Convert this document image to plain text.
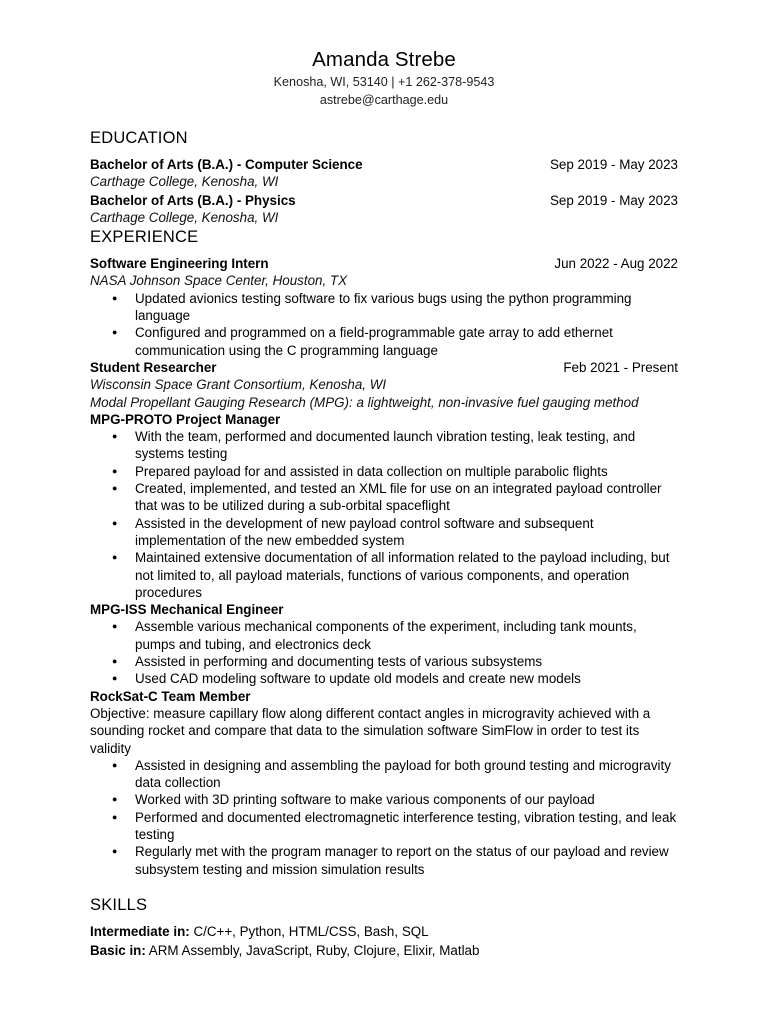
Amanda Strebe
Kenosha, WI, 53140 | +1 262-378-9543
astrebe@carthage.edu
EDUCATION
Bachelor of Arts (B.A.) - Computer Science	Sep 2019 - May 2023
Carthage College, Kenosha, WI
Bachelor of Arts (B.A.) - Physics	Sep 2019 - May 2023
Carthage College, Kenosha, WI
EXPERIENCE
Software Engineering Intern	Jun 2022 - Aug 2022
NASA Johnson Space Center, Houston, TX
● Updated avionics testing software to fix various bugs using the python programming language
● Configured and programmed on a field-programmable gate array to add ethernet communication using the C programming language
Student Researcher	Feb 2021 - Present
Wisconsin Space Grant Consortium, Kenosha, WI
Modal Propellant Gauging Research (MPG): a lightweight, non-invasive fuel gauging method
MPG-PROTO Project Manager
● With the team, performed and documented launch vibration testing, leak testing, and systems testing
● Prepared payload for and assisted in data collection on multiple parabolic flights
● Created, implemented, and tested an XML file for use on an integrated payload controller that was to be utilized during a sub-orbital spaceflight
● Assisted in the development of new payload control software and subsequent implementation of the new embedded system
● Maintained extensive documentation of all information related to the payload including, but not limited to, all payload materials, functions of various components, and operation procedures
MPG-ISS Mechanical Engineer
● Assemble various mechanical components of the experiment, including tank mounts, pumps and tubing, and electronics deck
● Assisted in performing and documenting tests of various subsystems
● Used CAD modeling software to update old models and create new models
RockSat-C Team Member
Objective: measure capillary flow along different contact angles in microgravity achieved with a sounding rocket and compare that data to the simulation software SimFlow in order to test its validity
● Assisted in designing and assembling the payload for both ground testing and microgravity data collection
● Worked with 3D printing software to make various components of our payload
● Performed and documented electromagnetic interference testing, vibration testing, and leak testing
● Regularly met with the program manager to report on the status of our payload and review subsystem testing and mission simulation results
SKILLS
Intermediate in: C/C++, Python, HTML/CSS, Bash, SQL
Basic in: ARM Assembly, JavaScript, Ruby, Clojure, Elixir, Matlab
